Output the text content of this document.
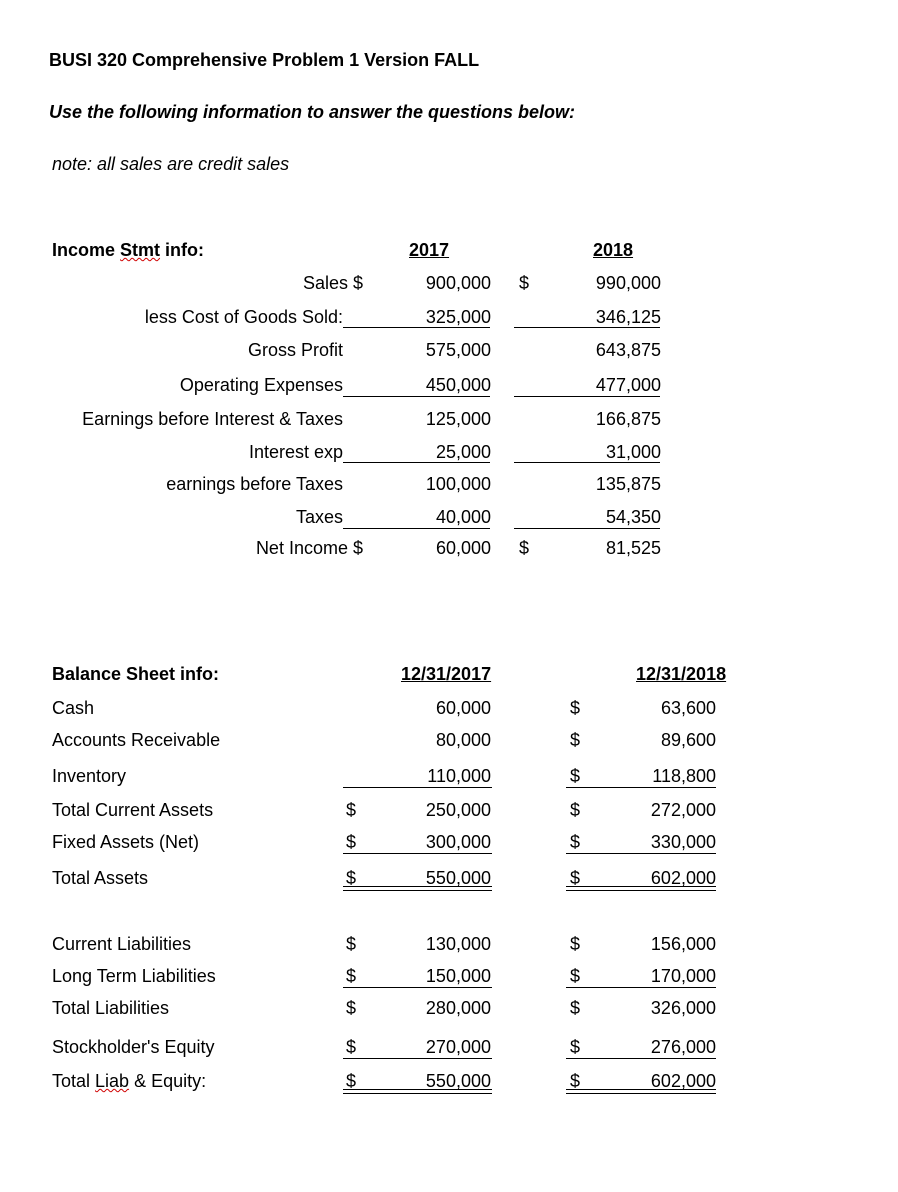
BUSI 320 Comprehensive Problem 1 Version FALL
Use the following information to answer the questions below:
note: all sales are credit sales
Income Stmt info:	2017	2018
Sales $	900,000 $	990,000
less Cost of Goods Sold:	325,000	346,125
Gross Profit	575,000	643,875
Operating Expenses	450,000	477,000
Earnings before Interest & Taxes	125,000	166,875
Interest exp	25,000	31,000
earnings before Taxes	100,000	135,875
Taxes	40,000	54,350
Net Income $	60,000 $	81,525
Balance Sheet info:	12/31/2017	12/31/2018
Cash	60,000	$	63,600
Accounts Receivable	80,000	$	89,600
Inventory	110,000	$	118,800
Total Current Assets	$	250,000	$	272,000
Fixed Assets (Net)	$	300,000	$	330,000
Total Assets	$	550,000	$	602,000
Current Liabilities	$	130,000	$	156,000
Long Term Liabilities	$	150,000	$	170,000
Total Liabilities	$	280,000	$	326,000
Stockholder's Equity	$	270,000	$	276,000
Total Liab & Equity:	$	550,000	$	602,000
